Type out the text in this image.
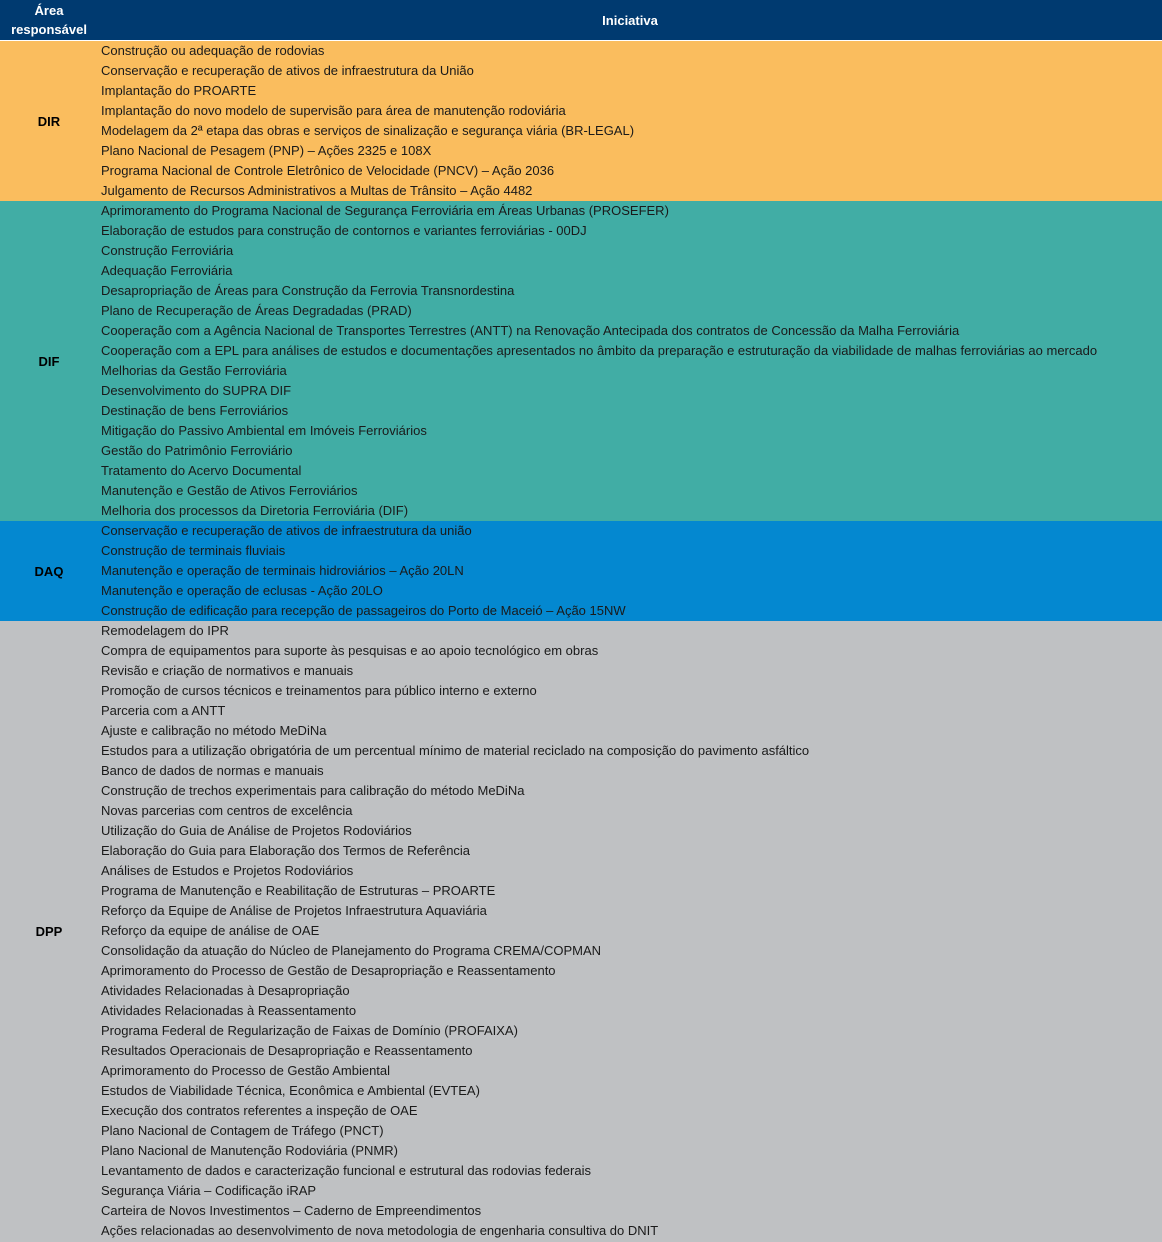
Área responsável
Iniciativa
DIR
Construção ou adequação de rodovias
Conservação e recuperação de ativos de infraestrutura da União
Implantação do PROARTE
Implantação do novo modelo de supervisão para área de manutenção rodoviária
Modelagem da 2ª etapa das obras e serviços de sinalização e segurança viária (BR-LEGAL)
Plano Nacional de Pesagem (PNP) – Ações 2325 e 108X
Programa Nacional de Controle Eletrônico de Velocidade (PNCV) – Ação 2036
Julgamento de Recursos Administrativos a Multas de Trânsito – Ação 4482
DIF
Aprimoramento do Programa Nacional de Segurança Ferroviária em Áreas Urbanas (PROSEFER)
Elaboração de estudos para construção de contornos e variantes ferroviárias - 00DJ
Construção Ferroviária
Adequação Ferroviária
Desapropriação de Áreas para Construção da Ferrovia Transnordestina
Plano de Recuperação de Áreas Degradadas (PRAD)
Cooperação com a Agência Nacional de Transportes Terrestres (ANTT) na Renovação Antecipada dos contratos de Concessão da Malha Ferroviária
Cooperação com a EPL para análises de estudos e documentações apresentados no âmbito da preparação e estruturação da viabilidade de malhas ferroviárias ao mercado
Melhorias da Gestão Ferroviária
Desenvolvimento do SUPRA DIF
Destinação de bens Ferroviários
Mitigação do Passivo Ambiental em Imóveis Ferroviários
Gestão do Patrimônio Ferroviário
Tratamento do Acervo Documental
Manutenção e Gestão de Ativos Ferroviários
Melhoria dos processos da Diretoria Ferroviária (DIF)
DAQ
Conservação e recuperação de ativos de infraestrutura da união
Construção de terminais fluviais
Manutenção e operação de terminais hidroviários – Ação 20LN
Manutenção e operação de eclusas - Ação 20LO
Construção de edificação para recepção de passageiros do Porto de Maceió – Ação 15NW
DPP
Remodelagem do IPR
Compra de equipamentos para suporte às pesquisas e ao apoio tecnológico em obras
Revisão e criação de normativos e manuais
Promoção de cursos técnicos e treinamentos para público interno e externo
Parceria com a ANTT
Ajuste e calibração no método MeDiNa
Estudos para a utilização obrigatória de um percentual mínimo de material reciclado na composição do pavimento asfáltico
Banco de dados de normas e manuais
Construção de trechos experimentais para calibração do método MeDiNa
Novas parcerias com centros de excelência
Utilização do Guia de Análise de Projetos Rodoviários
Elaboração do Guia para Elaboração dos Termos de Referência
Análises de Estudos e Projetos Rodoviários
Programa de Manutenção e Reabilitação de Estruturas – PROARTE
Reforço da Equipe de Análise de Projetos Infraestrutura Aquaviária
Reforço da equipe de análise de OAE
Consolidação da atuação do Núcleo de Planejamento do Programa CREMA/COPMAN
Aprimoramento do Processo de Gestão de Desapropriação e Reassentamento
Atividades Relacionadas à Desapropriação
Atividades Relacionadas à Reassentamento
Programa Federal de Regularização de Faixas de Domínio (PROFAIXA)
Resultados Operacionais de Desapropriação e Reassentamento
Aprimoramento do Processo de Gestão Ambiental
Estudos de Viabilidade Técnica, Econômica e Ambiental (EVTEA)
Execução dos contratos referentes a inspeção de OAE
Plano Nacional de Contagem de Tráfego (PNCT)
Plano Nacional de Manutenção Rodoviária (PNMR)
Levantamento de dados e caracterização funcional e estrutural das rodovias federais
Segurança Viária – Codificação iRAP
Carteira de Novos Investimentos – Caderno de Empreendimentos
Ações relacionadas ao desenvolvimento de nova metodologia de engenharia consultiva do DNIT
